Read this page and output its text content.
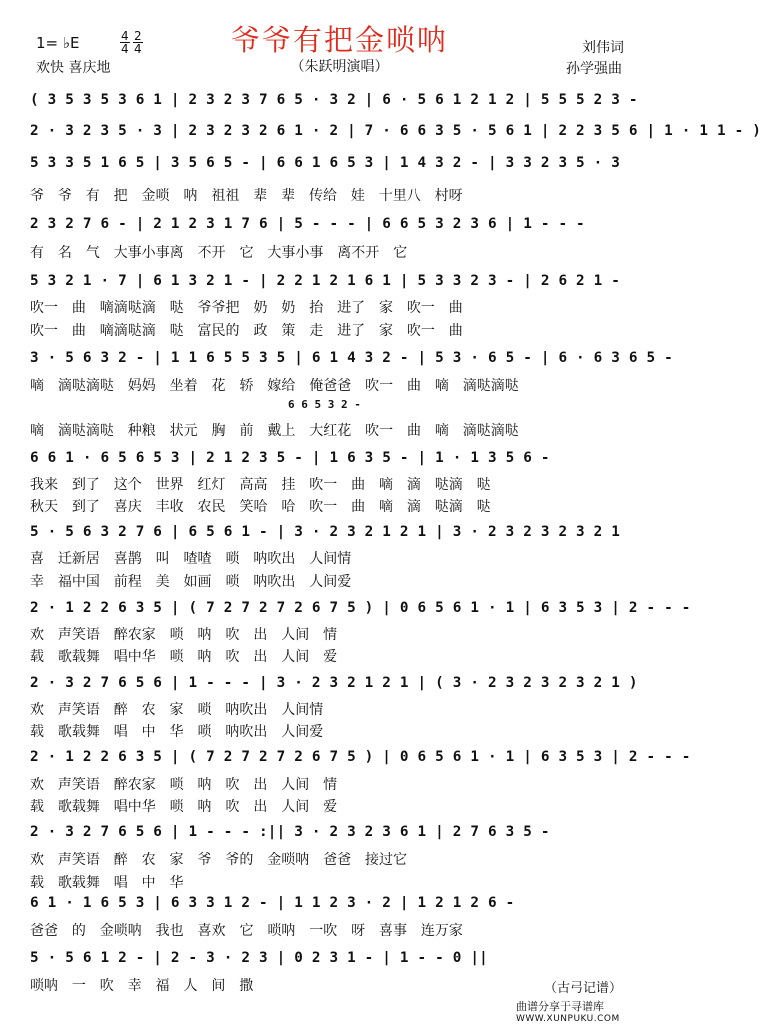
爷爷有把金唢呐
1= ♭E	4
4
2
4
欢快 喜庆地	（朱跃明演唱）
刘伟词
孙学强曲
( 3 5 3 5 3 6 1 | 2 3 2 3 7 6 5 · 3 2 | 6 · 5 6 1 2 1 2 | 5 5 5 2 3 -
2 · 3 2 3 5 · 3 | 2 3 2 3 2 6 1 · 2 | 7 · 6 6 3 5 · 5 6 1 | 2 2 3 5 6 | 1 · 1 1 - )
5 3 3 5 1 6 5 | 3 5 6 5 - | 6 6 1 6 5 3 | 1 4 3 2 - | 3 3 2 3 5 · 3
爷 爷 有 把 金唢 呐 祖祖 辈 辈 传给 娃 十里八 村呀
2 3 2 7 6 - | 2 1 2 3 1 7 6 | 5 - - - | 6 6 5 3 2 3 6 | 1 - - -
有 名 气 大事小事离 不开 它 大事小事 离不开 它
5 3 2 1 · 7 | 6 1 3 2 1 - | 2 2 1 2 1 6 1 | 5 3 3 2 3 - | 2 6 2 1 -
吹一 曲 嘀滴哒滴 哒 爷爷把 奶 奶 抬 进了 家 吹一 曲
吹一 曲 嘀滴哒滴 哒 富民的 政 策 走 进了 家 吹一 曲
3 · 5 6 3 2 - | 1 1 6 5 5 3 5 | 6 1 4 3 2 - | 5 3 · 6 5 - | 6 · 6 3 6 5 -
嘀 滴哒滴哒 妈妈 坐着 花 轿 嫁给 俺爸爸 吹一 曲 嘀 滴哒滴哒
6 6 5 3 2 -
嘀 滴哒滴哒 种粮 状元 胸 前 戴上 大红花 吹一 曲 嘀 滴哒滴哒
6 6 1 · 6 5 6 5 3 | 2 1 2 3 5 - | 1 6 3 5 - | 1 · 1 3 5 6 -
我来 到了 这个 世界 红灯 高高 挂 吹一 曲 嘀 滴 哒滴 哒
秋天 到了 喜庆 丰收 农民 笑哈 哈 吹一 曲 嘀 滴 哒滴 哒
5 · 5 6 3 2 7 6 | 6 5 6 1 - | 3 · 2 3 2 1 2 1 | 3 · 2 3 2 3 2 3 2 1
喜 迁新居 喜鹊 叫 喳喳 唢 呐吹出 人间情
幸 福中国 前程 美 如画 唢 呐吹出 人间爱
2 · 1 2 2 6 3 5 | ( 7 2 7 2 7 2 6 7 5 ) | 0 6 5 6 1 · 1 | 6 3 5 3 | 2 - - -
欢 声笑语 醉农家 唢 呐 吹 出 人间 情
载 歌载舞 唱中华 唢 呐 吹 出 人间 爱
2 · 3 2 7 6 5 6 | 1 - - - | 3 · 2 3 2 1 2 1 | ( 3 · 2 3 2 3 2 3 2 1 )
欢 声笑语 醉 农 家 唢 呐吹出 人间情
载 歌载舞 唱 中 华 唢 呐吹出 人间爱
2 · 1 2 2 6 3 5 | ( 7 2 7 2 7 2 6 7 5 ) | 0 6 5 6 1 · 1 | 6 3 5 3 | 2 - - -
欢 声笑语 醉农家 唢 呐 吹 出 人间 情
载 歌载舞 唱中华 唢 呐 吹 出 人间 爱
2 · 3 2 7 6 5 6 | 1 - - - :|| 3 · 2 3 2 3 6 1 | 2 7 6 3 5 -
欢 声笑语 醉 农 家 爷 爷的 金唢呐 爸爸 接过它
载 歌载舞 唱 中 华
6 1 · 1 6 5 3 | 6 3 3 1 2 - | 1 1 2 3 · 2 | 1 2 1 2 6 -
爸爸 的 金唢呐 我也 喜欢 它 唢呐 一吹 呀 喜事 连万家
5 · 5 6 1 2 - | 2 - 3 · 2 3 | 0 2 3 1 - | 1 - - 0 ||
唢呐 一 吹 幸 福 人 间 撒	（古弓记谱）
曲谱分享于寻谱库
WWW.XUNPUKU.COM
